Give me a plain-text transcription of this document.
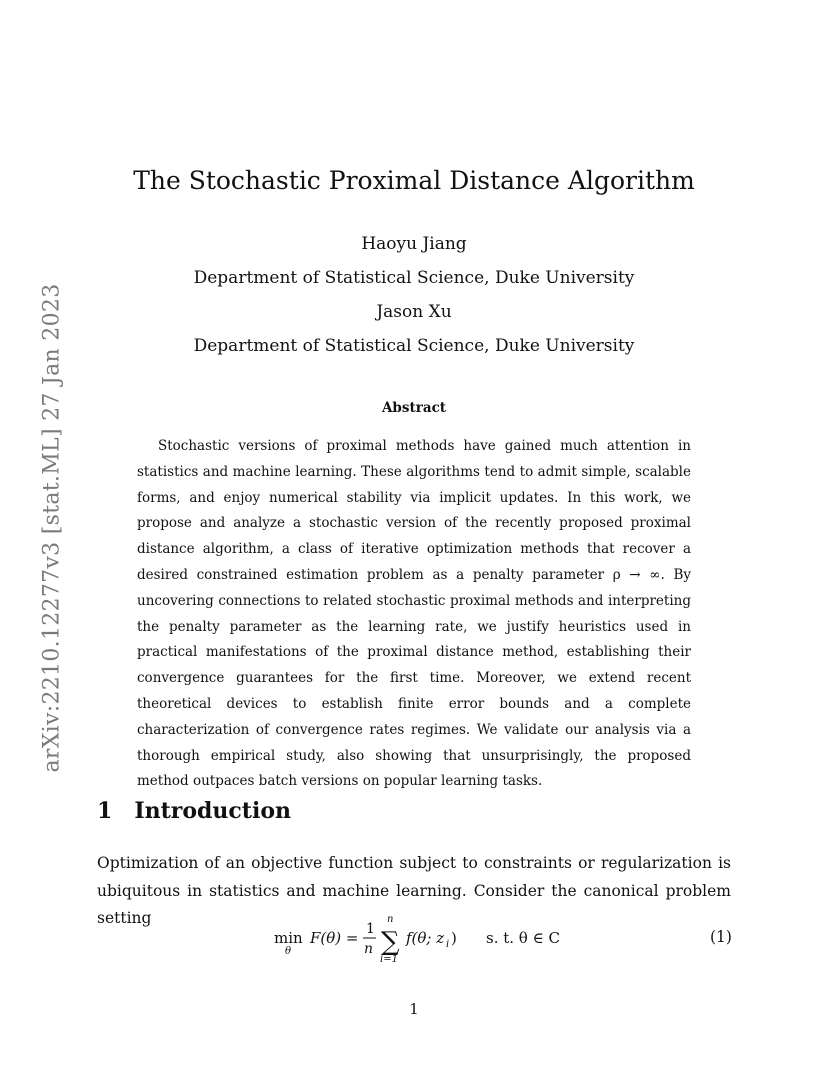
arXiv:2210.12277v3 [stat.ML] 27 Jan 2023
The Stochastic Proximal Distance Algorithm
Haoyu Jiang
Department of Statistical Science, Duke University
Jason Xu
Department of Statistical Science, Duke University
Abstract

Stochastic versions of proximal methods have gained much attention in statistics and machine learning. These algorithms tend to admit simple, scalable forms, and enjoy numerical stability via implicit updates. In this work, we propose and analyze a stochastic version of the recently proposed proximal distance algorithm, a class of iterative optimization methods that recover a desired constrained estimation problem as a penalty parameter ρ → ∞. By uncovering connections to related stochastic proximal methods and interpreting the penalty parameter as the learning rate, we justify heuristics used in practical manifestations of the proximal distance method, establishing their convergence guarantees for the first time. Moreover, we extend recent theoretical devices to establish finite error bounds and a complete characterization of convergence rates regimes. We validate our analysis via a thorough empirical study, also showing that unsurprisingly, the proposed method outpaces batch versions on popular learning tasks.

1 Introduction

Optimization of an objective function subject to constraints or regularization is ubiquitous in statistics and machine learning. Consider the canonical problem setting

min
θ
F(θ) = 1
n
n
∑
i=1
f(θ; z i ) s. t. θ ∈ C	(1)
1
